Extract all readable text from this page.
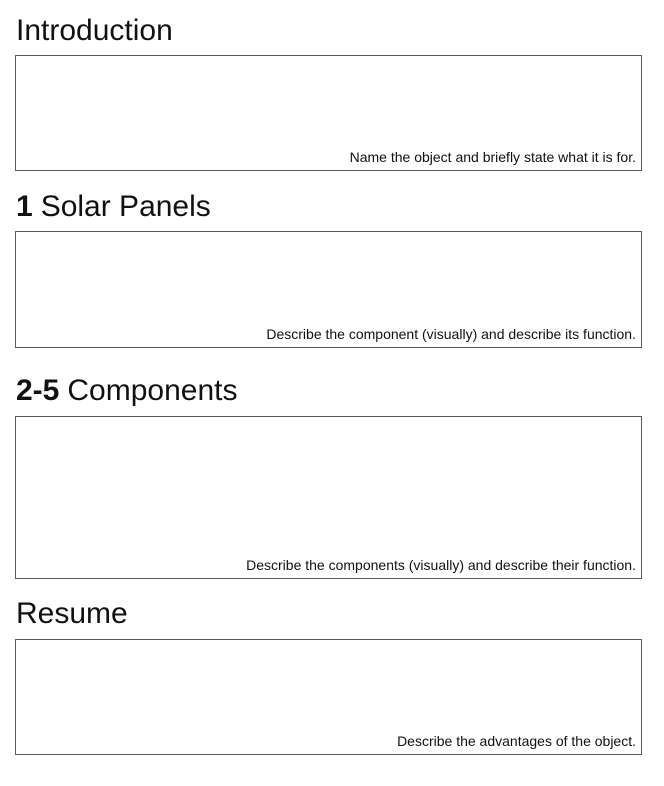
Introduction
Name the object and briefly state what it is for.
1 Solar Panels
Describe the component (visually) and describe its function.
2-5 Components
Describe the components (visually) and describe their function.
Resume
Describe the advantages of the object.
